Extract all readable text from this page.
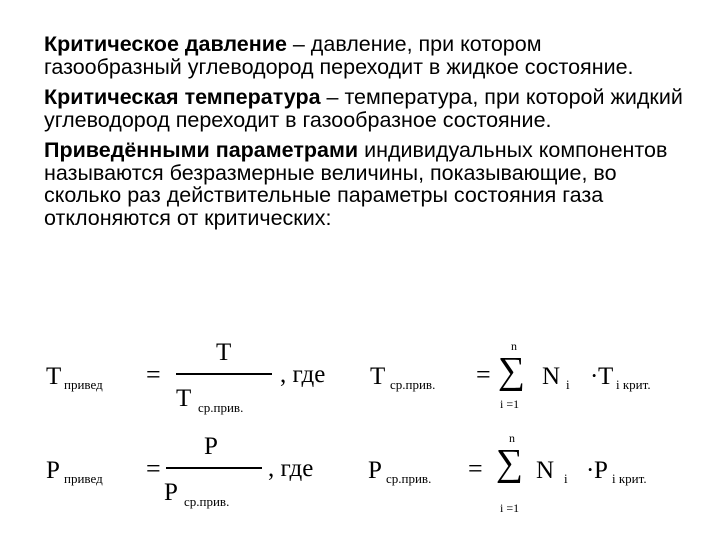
Критическое давление – давление, при котором газообразный углеводород переходит в жидкое состояние.

Критическая температура – температура, при которой жидкий углеводород переходит в газообразное состояние.

Приведёнными параметрами индивидуальных компонентов называются безразмерные величины, показывающие, во сколько раз действительные параметры состояния газа отклоняются от критических:

T привед =
T
T ср.прив.
, где T ср.прив. =
n
∑
i =1
N i · T i крит.
P привед =
P
P ср.прив.
, где P ср.прив. =
n
∑
i =1
N i · P i крит.
